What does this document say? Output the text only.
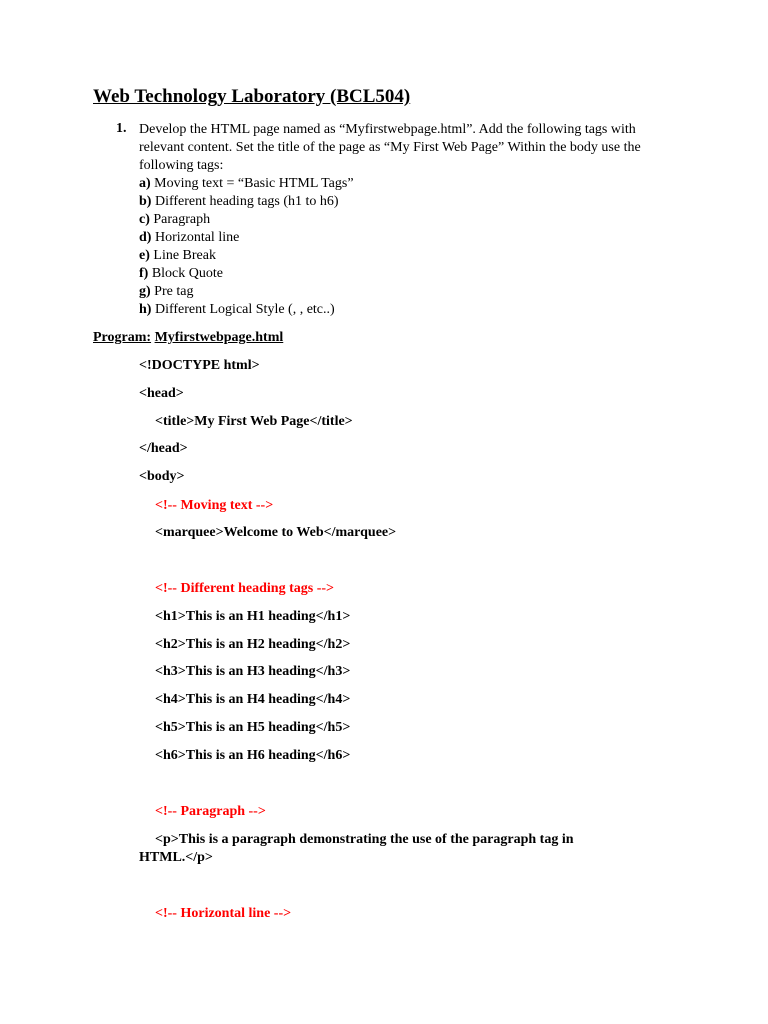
Web Technology Laboratory (BCL504)
1. Develop the HTML page named as “Myfirstwebpage.html”. Add the following tags with relevant content. Set the title of the page as “My First Web Page” Within the body use the following tags:

a) Moving text = “Basic HTML Tags”

b) Different heading tags (h1 to h6)

c) Paragraph

d) Horizontal line

e) Line Break

f) Block Quote

g) Pre tag

h) Different Logical Style (, , etc..)

Program: Myfirstwebpage.html
<!DOCTYPE html>
<head>
<title>My First Web Page</title>
</head>
<body>
<!-- Moving text -->
<marquee>Welcome to Web</marquee>
<!-- Different heading tags -->
<h1>This is an H1 heading</h1>
<h2>This is an H2 heading</h2>
<h3>This is an H3 heading</h3>
<h4>This is an H4 heading</h4>
<h5>This is an H5 heading</h5>
<h6>This is an H6 heading</h6>
<!-- Paragraph -->
<p>This is a paragraph demonstrating the use of the paragraph tag in
HTML.</p>
<!-- Horizontal line -->
